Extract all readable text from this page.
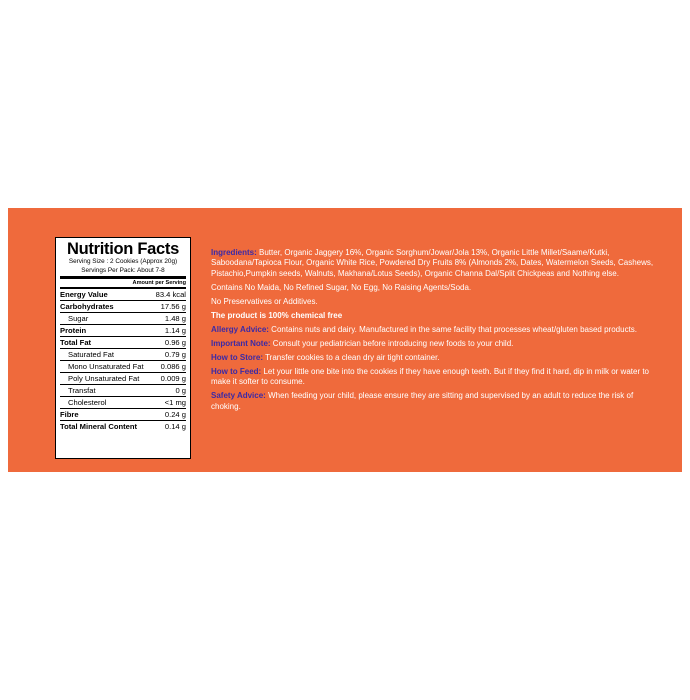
Nutrition Facts
Serving Size : 2 Cookies (Approx 20g)
Servings Per Pack: About 7-8
Amount per Serving
Energy Value	83.4 kcal
Carbohydrates	17.56 g
Sugar	1.48 g
Protein	1.14 g
Total Fat	0.96 g
Saturated Fat	0.79 g
Mono Unsaturated Fat 0.086 g
Poly Unsaturated Fat	0.009 g
Transfat	0 g
Cholesterol	<1 mg
Fibre	0.24 g
Total Mineral Content	0.14 g

Ingredients: Butter, Organic Jaggery 16%, Organic Sorghum/Jowar/Jola 13%, Organic Little Millet/Saame/Kutki, Saboodana/Tapioca Flour, Organic White Rice, Powdered Dry Fruits 8% (Almonds 2%, Dates, Watermelon Seeds, Cashews, Pistachio,Pumpkin seeds, Walnuts, Makhana/Lotus Seeds), Organic Channa Dal/Split Chickpeas and Nothing else.

Contains No Maida, No Refined Sugar, No Egg, No Raising Agents/Soda.

No Preservatives or Additives.

The product is 100% chemical free

Allergy Advice: Contains nuts and dairy. Manufactured in the same facility that processes wheat/gluten based products.

Important Note: Consult your pediatrician before introducing new foods to your child.

How to Store: Transfer cookies to a clean dry air tight container.

How to Feed: Let your little one bite into the cookies if they have enough teeth. But if they find it hard, dip in milk or water to make it softer to consume.

Safety Advice: When feeding your child, please ensure they are sitting and supervised by an adult to reduce the risk of choking.
